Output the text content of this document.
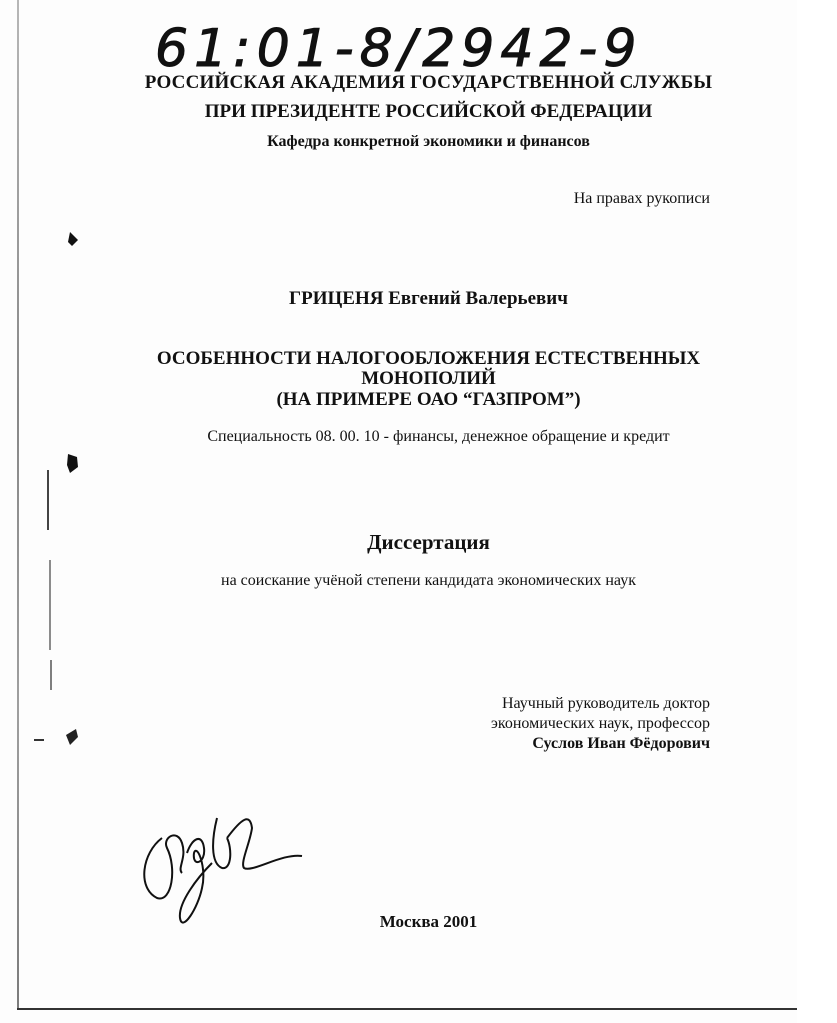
61:01-8/2942-9
РОССИЙСКАЯ АКАДЕМИЯ ГОСУДАРСТВЕННОЙ СЛУЖБЫ
ПРИ ПРЕЗИДЕНТЕ РОССИЙСКОЙ ФЕДЕРАЦИИ
Кафедра конкретной экономики и финансов
На правах рукописи
ГРИЦЕНЯ Евгений Валерьевич
ОСОБЕННОСТИ НАЛОГООБЛОЖЕНИЯ ЕСТЕСТВЕННЫХ
МОНОПОЛИЙ
(НА ПРИМЕРЕ ОАО “ГАЗПРОМ”)
Специальность 08. 00. 10 - финансы, денежное обращение и кредит
Диссертация
на соискание учёной степени кандидата экономических наук
Научный руководитель доктор
экономических наук, профессор
Суслов Иван Фёдорович
Москва 2001
